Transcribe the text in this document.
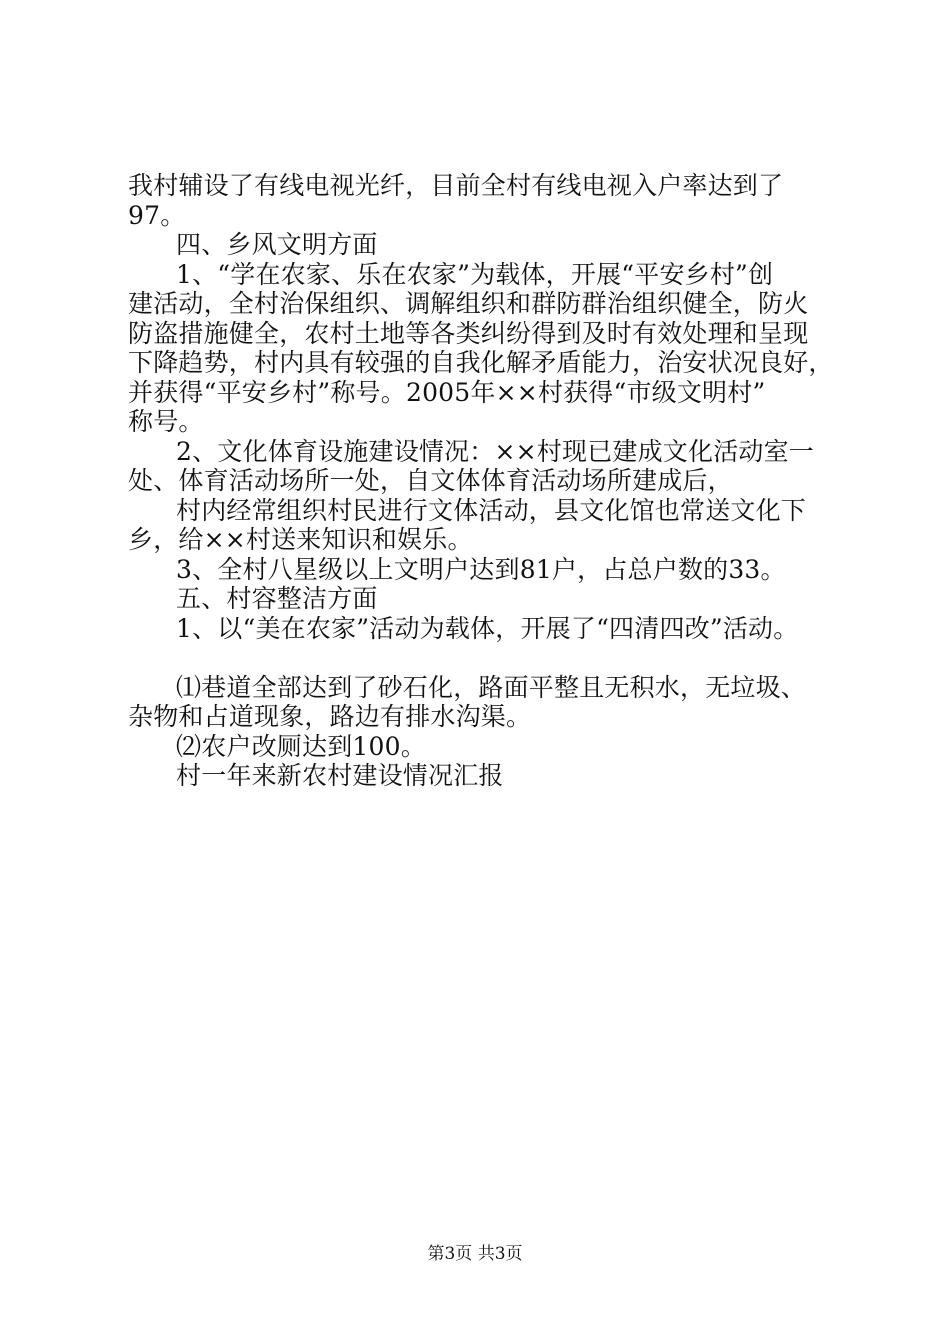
我村辅设了有线电视光纤，目前全村有线电视入户率达到了

97。

四、乡风文明方面

1、“学在农家、乐在农家”为载体，开展“平安乡村”创

建活动，全村治保组织、调解组织和群防群治组织健全，防火

防盗措施健全，农村土地等各类纠纷得到及时有效处理和呈现

下降趋势，村内具有较强的自我化解矛盾能力，治安状况良好，

并获得“平安乡村”称号。2005年××村获得“市级文明村”

称号。

2、文化体育设施建设情况：××村现已建成文化活动室一

处、体育活动场所一处，自文体体育活动场所建成后，

村内经常组织村民进行文体活动，县文化馆也常送文化下

乡，给××村送来知识和娱乐。

3、全村八星级以上文明户达到81户，占总户数的33。

五、村容整洁方面

1、以“美在农家”活动为载体，开展了“四清四改”活动。

⑴巷道全部达到了砂石化，路面平整且无积水，无垃圾、

杂物和占道现象，路边有排水沟渠。

⑵农户改厕达到100。

村一年来新农村建设情况汇报

第3页 共3页
